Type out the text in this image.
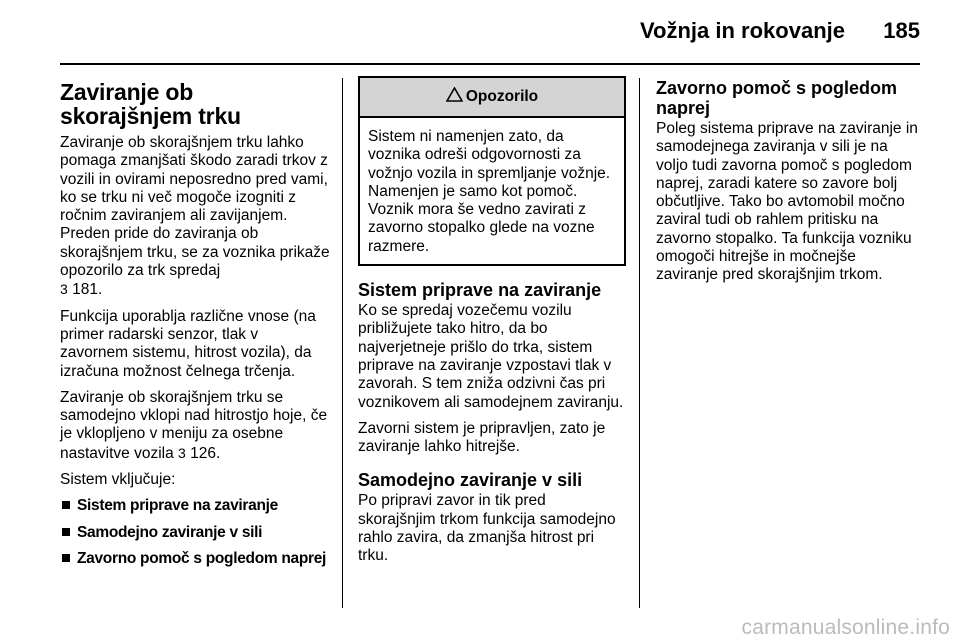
Vožnja in rokovanje	185
Zaviranje ob skorajšnjem trku

Zaviranje ob skorajšnjem trku lahko pomaga zmanjšati škodo zaradi trkov z vozili in ovirami neposredno pred vami, ko se trku ni več mogoče izogniti z ročnim zaviranjem ali zavijanjem. Preden pride do zaviranja ob skorajšnjem trku, se za voznika prikaže opozorilo za trk spredaj
3 181.

Funkcija uporablja različne vnose (na primer radarski senzor, tlak v zavornem sistemu, hitrost vozila), da izračuna možnost čelnega trčenja.

Zaviranje ob skorajšnjem trku se samodejno vklopi nad hitrostjo hoje, če je vklopljeno v meniju za osebne nastavitve vozila 3 126.

Sistem vključuje:

Sistem priprave na zaviranje
Samodejno zaviranje v sili
Zavorno pomoč s pogledom naprej
Opozorilo
Sistem ni namenjen zato, da voznika odreši odgovornosti za vožnjo vozila in spremljanje vožnje. Namenjen je samo kot pomoč. Voznik mora še vedno zavirati z zavorno stopalko glede na vozne razmere.
Sistem priprave na zaviranje

Ko se spredaj vozečemu vozilu približujete tako hitro, da bo najverjetneje prišlo do trka, sistem priprave na zaviranje vzpostavi tlak v zavorah. S tem zniža odzivni čas pri voznikovem ali samodejnem zaviranju.

Zavorni sistem je pripravljen, zato je zaviranje lahko hitrejše.

Samodejno zaviranje v sili

Po pripravi zavor in tik pred skorajšnjim trkom funkcija samodejno rahlo zavira, da zmanjša hitrost pri trku.

Zavorno pomoč s pogledom naprej

Poleg sistema priprave na zaviranje in samodejnega zaviranja v sili je na voljo tudi zavorna pomoč s pogledom naprej, zaradi katere so zavore bolj občutljive. Tako bo avtomobil močno zaviral tudi ob rahlem pritisku na zavorno stopalko. Ta funkcija vozniku omogoči hitrejše in močnejše zaviranje pred skorajšnjim trkom.

carmanualsonline.info
